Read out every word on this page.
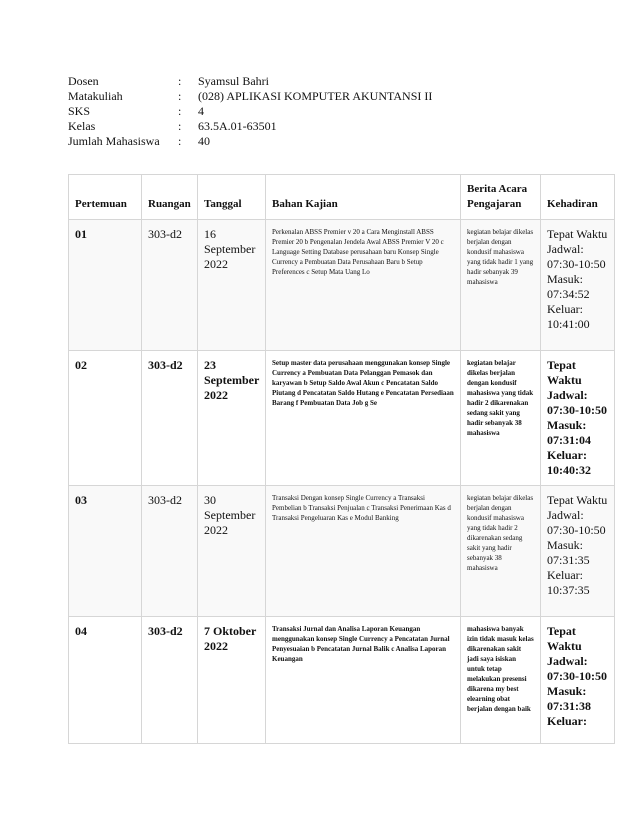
Dosen	:	Syamsul Bahri
Matakuliah	:	(028) APLIKASI KOMPUTER AKUNTANSI II
SKS	:	4
Kelas	:	63.5A.01-63501
Jumlah Mahasiswa	:	40
Pertemuan	Ruangan	Tanggal	Bahan Kajian	Berita Acara Pengajaran	Kehadiran
01	303-d2	16 September 2022	Perkenalan ABSS Premier v 20 a Cara Menginstall ABSS Premier 20 b Pengenalan Jendela Awal ABSS Premier V 20 c Language Setting Database perusahaan baru Konsep Single Currency a Pembuatan Data Perusahaan Baru b Setup Preferences c Setup Mata Uang Lo	kegiatan belajar dikelas berjalan dengan kondusif mahasiswa yang tidak hadir 1 yang hadir sebanyak 39 mahasiswa	Tepat Waktu Jadwal: 07:30-10:50 Masuk: 07:34:52 Keluar: 10:41:00
02	303-d2	23 September 2022	Setup master data perusahaan menggunakan konsep Single Currency a Pembuatan Data Pelanggan Pemasok dan karyawan b Setup Saldo Awal Akun c Pencatatan Saldo Piutang d Pencatatan Saldo Hutang e Pencatatan Persediaan Barang f Pembuatan Data Job g Se	kegiatan belajar dikelas berjalan dengan kondusif mahasiswa yang tidak hadir 2 dikarenakan sedang sakit yang hadir sebanyak 38 mahasiswa	Tepat Waktu Jadwal: 07:30-10:50 Masuk: 07:31:04 Keluar: 10:40:32
03	303-d2	30 September 2022	Transaksi Dengan konsep Single Currency a Transaksi Pembelian b Transaksi Penjualan c Transaksi Penerimaan Kas d Transaksi Pengeluaran Kas e Modul Banking	kegiatan belajar dikelas berjalan dengan kondusif mahasiswa yang tidak hadir 2 dikarenakan sedang sakit yang hadir sebanyak 38 mahasiswa	Tepat Waktu Jadwal: 07:30-10:50 Masuk: 07:31:35 Keluar: 10:37:35
04	303-d2	7 Oktober 2022	Transaksi Jurnal dan Analisa Laporan Keuangan menggunakan konsep Single Currency a Pencatatan Jurnal Penyesuaian b Pencatatan Jurnal Balik c Analisa Laporan Keuangan	mahasiswa banyak izin tidak masuk kelas dikarenakan sakit jadi saya isiskan untuk tetap melakukan presensi dikarena my best elearning obat berjalan dengan baik	Tepat Waktu Jadwal: 07:30-10:50 Masuk: 07:31:38 Keluar:
